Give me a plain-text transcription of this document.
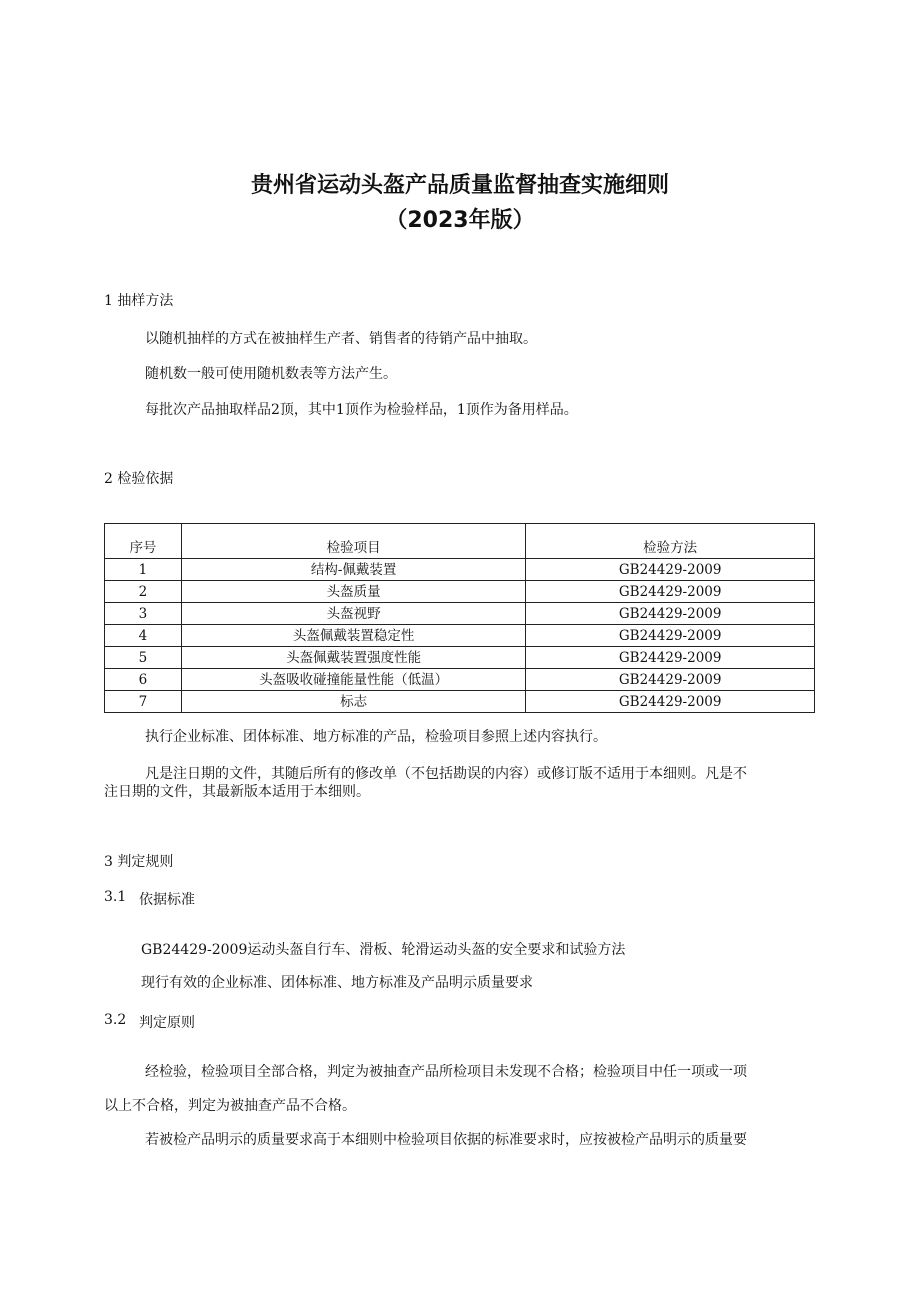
贵州省运动头盔产品质量监督抽查实施细则
（2023年版）
1 抽样方法
以随机抽样的方式在被抽样生产者、销售者的待销产品中抽取。
随机数一般可使用随机数表等方法产生。
每批次产品抽取样品2顶，其中1顶作为检验样品，1顶作为备用样品。
2 检验依据
序号	检验项目	检验方法
1	结构-佩戴装置	GB24429-2009
2	头盔质量	GB24429-2009
3	头盔视野	GB24429-2009
4	头盔佩戴装置稳定性	GB24429-2009
5	头盔佩戴装置强度性能	GB24429-2009
6	头盔吸收碰撞能量性能（低温）	GB24429-2009
7	标志	GB24429-2009
执行企业标准、团体标准、地方标准的产品，检验项目参照上述内容执行。
凡是注日期的文件，其随后所有的修改单（不包括勘误的内容）或修订版不适用于本细则。凡是不
注日期的文件，其最新版本适用于本细则。
3 判定规则
3.1 依据标准
GB24429-2009运动头盔自行车、滑板、轮滑运动头盔的安全要求和试验方法
现行有效的企业标准、团体标准、地方标准及产品明示质量要求
3.2 判定原则
经检验，检验项目全部合格，判定为被抽查产品所检项目未发现不合格；检验项目中任一项或一项
以上不合格，判定为被抽查产品不合格。
若被检产品明示的质量要求高于本细则中检验项目依据的标准要求时，应按被检产品明示的质量要
